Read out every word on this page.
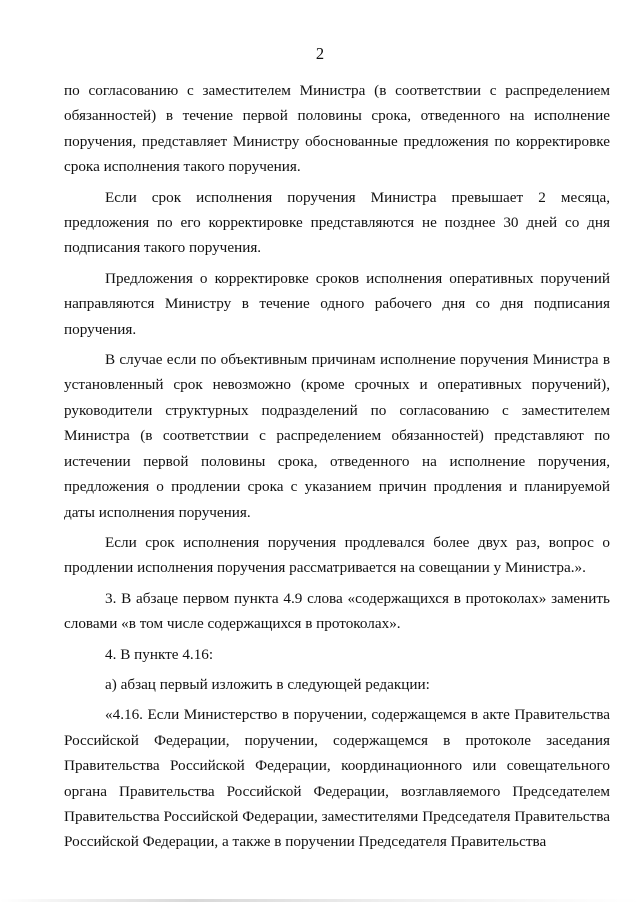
2

по согласованию с заместителем Министра (в соответствии с распределением обязанностей) в течение первой половины срока, отведенного на исполнение поручения, представляет Министру обоснованные предложения по корректировке срока исполнения такого поручения.

Если срок исполнения поручения Министра превышает 2 месяца, предложения по его корректировке представляются не позднее 30 дней со дня подписания такого поручения.

Предложения о корректировке сроков исполнения оперативных поручений направляются Министру в течение одного рабочего дня со дня подписания поручения.

В случае если по объективным причинам исполнение поручения Министра в установленный срок невозможно (кроме срочных и оперативных поручений), руководители структурных подразделений по согласованию с заместителем Министра (в соответствии с распределением обязанностей) представляют по истечении первой половины срока, отведенного на исполнение поручения, предложения о продлении срока с указанием причин продления и планируемой даты исполнения поручения.

Если срок исполнения поручения продлевался более двух раз, вопрос о продлении исполнения поручения рассматривается на совещании у Министра.».

3. В абзаце первом пункта 4.9 слова «содержащихся в протоколах» заменить словами «в том числе содержащихся в протоколах».

4. В пункте 4.16:

а) абзац первый изложить в следующей редакции:

«4.16. Если Министерство в поручении, содержащемся в акте Правительства Российской Федерации, поручении, содержащемся в протоколе заседания Правительства Российской Федерации, координационного или совещательного органа Правительства Российской Федерации, возглавляемого Председателем Правительства Российской Федерации, заместителями Председателя Правительства Российской Федерации, а также в поручении Председателя Правительства
